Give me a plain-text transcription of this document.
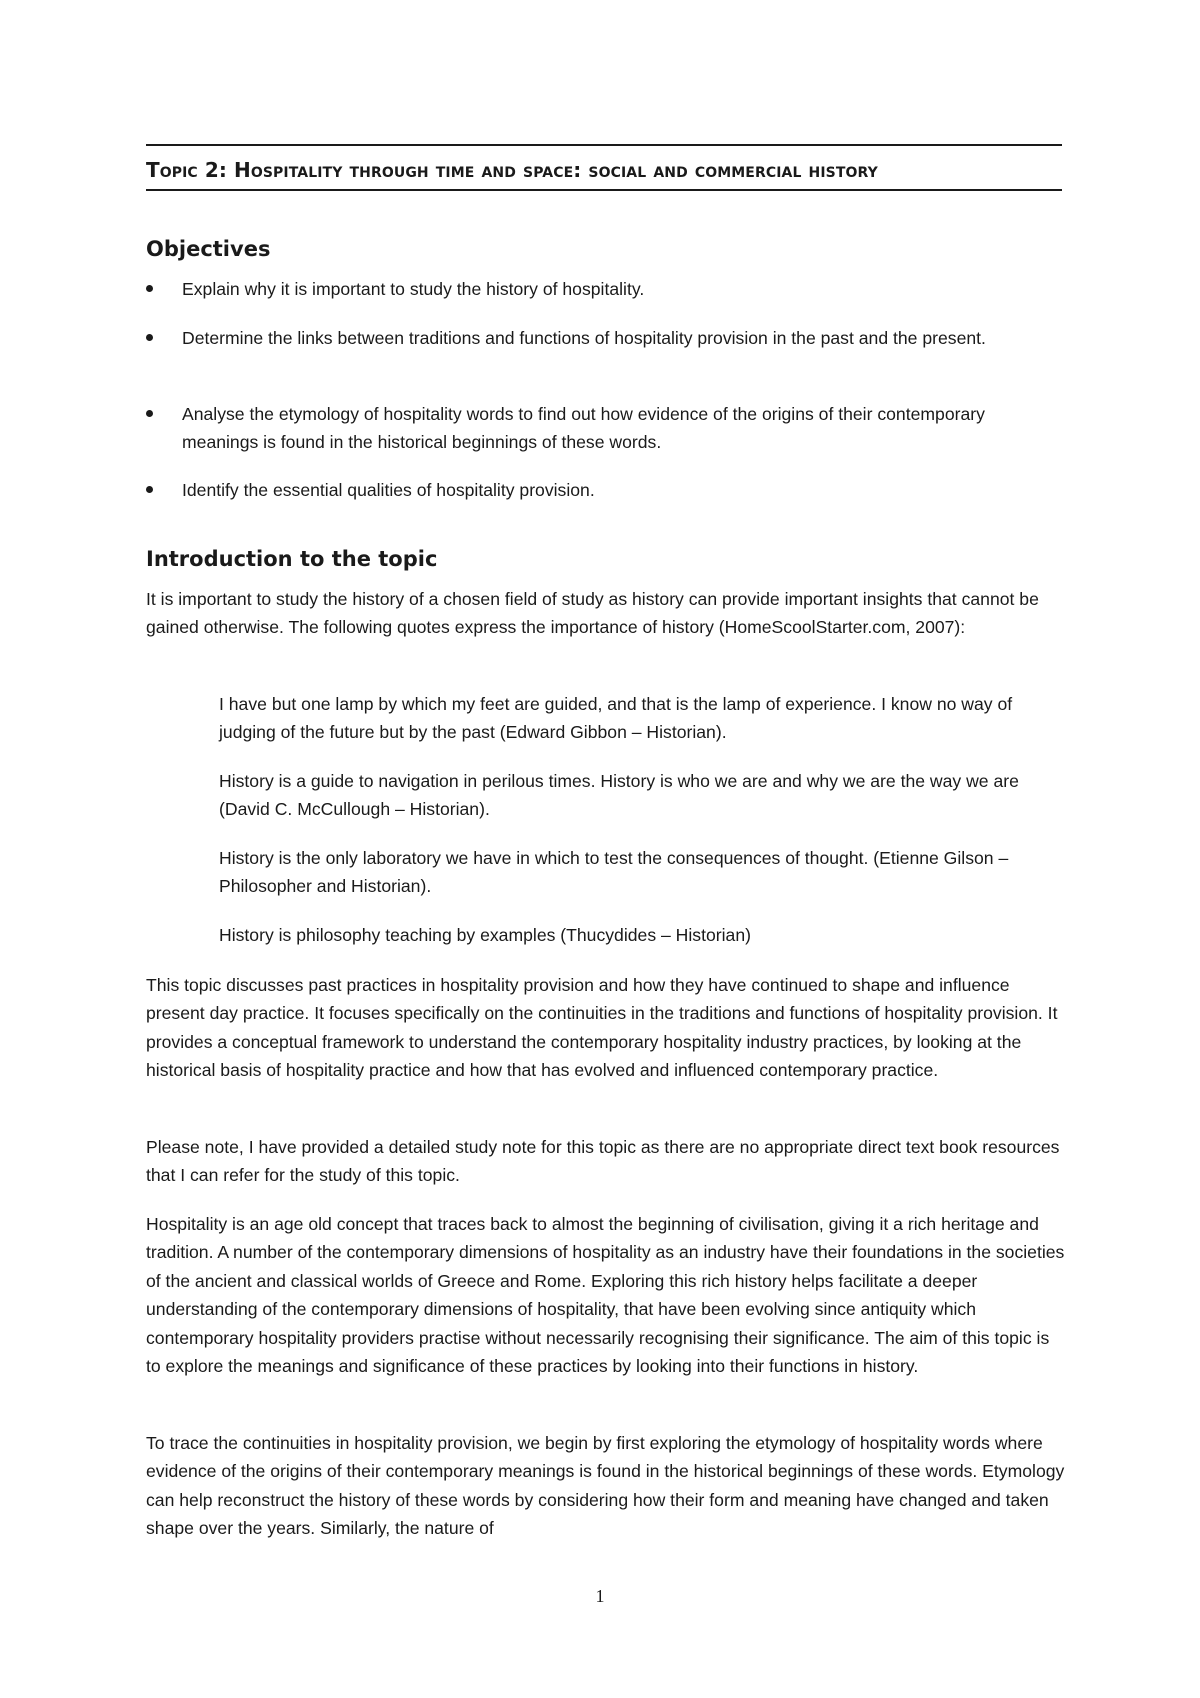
Topic 2: Hospitality through time and space: social and commercial history
Objectives

Explain why it is important to study the history of hospitality.

Determine the links between traditions and functions of hospitality provision in the past and the present.

Analyse the etymology of hospitality words to find out how evidence of the origins of their contemporary meanings is found in the historical beginnings of these words.

Identify the essential qualities of hospitality provision.

Introduction to the topic

It is important to study the history of a chosen field of study as history can provide important insights that cannot be gained otherwise. The following quotes express the importance of history (HomeScoolStarter.com, 2007):

I have but one lamp by which my feet are guided, and that is the lamp of experience. I know no way of judging of the future but by the past (Edward Gibbon – Historian).

History is a guide to navigation in perilous times. History is who we are and why we are the way we are (David C. McCullough – Historian).

History is the only laboratory we have in which to test the consequences of thought. (Etienne Gilson – Philosopher and Historian).

History is philosophy teaching by examples (Thucydides – Historian)

This topic discusses past practices in hospitality provision and how they have continued to shape and influence present day practice. It focuses specifically on the continuities in the traditions and functions of hospitality provision. It provides a conceptual framework to understand the contemporary hospitality industry practices, by looking at the historical basis of hospitality practice and how that has evolved and influenced contemporary practice.

Please note, I have provided a detailed study note for this topic as there are no appropriate direct text book resources that I can refer for the study of this topic.

Hospitality is an age old concept that traces back to almost the beginning of civilisation, giving it a rich heritage and tradition. A number of the contemporary dimensions of hospitality as an industry have their foundations in the societies of the ancient and classical worlds of Greece and Rome. Exploring this rich history helps facilitate a deeper understanding of the contemporary dimensions of hospitality, that have been evolving since antiquity which contemporary hospitality providers practise without necessarily recognising their significance. The aim of this topic is to explore the meanings and significance of these practices by looking into their functions in history.

To trace the continuities in hospitality provision, we begin by first exploring the etymology of hospitality words where evidence of the origins of their contemporary meanings is found in the historical beginnings of these words. Etymology can help reconstruct the history of these words by considering how their form and meaning have changed and taken shape over the years. Similarly, the nature of

1
